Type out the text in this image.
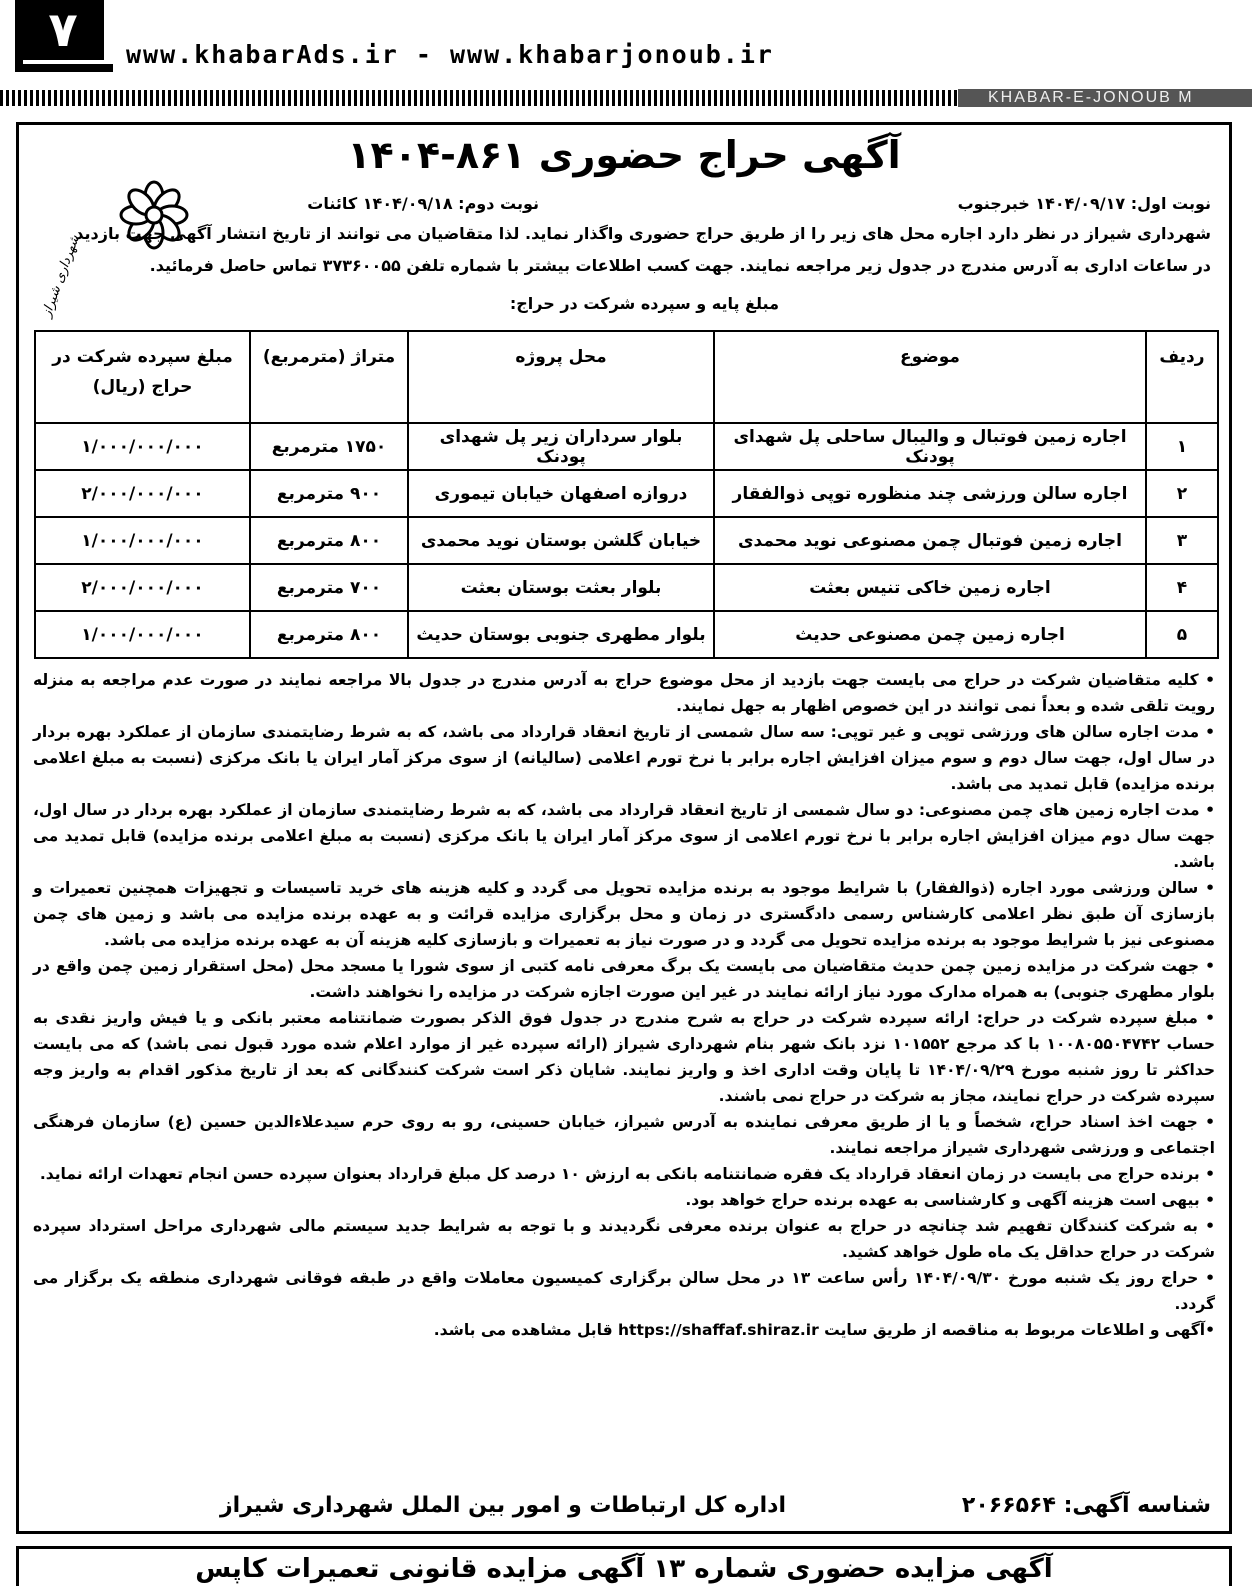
۷	www.khabarAds.ir - www.khabarjonoub.ir
KHABAR-E-JONOUB M
آگهی حراج حضوری ۸۶۱-۱۴۰۴
شهرداری شیراز
نوبت اول: ۱۴۰۴/۰۹/۱۷ خبرجنوب
نوبت دوم: ۱۴۰۴/۰۹/۱۸ کائنات
شهرداری شیراز در نظر دارد اجاره محل های زیر را از طریق حراج حضوری واگذار نماید. لذا متقاضیان می توانند از تاریخ انتشار آگهی جهت بازدید
در ساعات اداری به آدرس مندرج در جدول زیر مراجعه نمایند. جهت کسب اطلاعات بیشتر با شماره تلفن ۳۷۳۶۰۰۵۵ تماس حاصل فرمائید.
مبلغ پایه و سپرده شرکت در حراج:
ردیف	موضوع	محل پروژه	متراژ (مترمربع)	مبلغ سپرده شرکت در حراج (ریال)
۱	اجاره زمین فوتبال و والیبال ساحلی پل شهدای پودنک	بلوار سرداران زیر پل شهدای پودنک	۱۷۵۰ مترمربع	۱/۰۰۰/۰۰۰/۰۰۰
۲	اجاره سالن ورزشی چند منظوره توپی ذوالفقار	دروازه اصفهان خیابان تیموری	۹۰۰ مترمربع	۲/۰۰۰/۰۰۰/۰۰۰
۳	اجاره زمین فوتبال چمن مصنوعی نوید محمدی	خیابان گلشن بوستان نوید محمدی	۸۰۰ مترمربع	۱/۰۰۰/۰۰۰/۰۰۰
۴	اجاره زمین خاکی تنیس بعثت	بلوار بعثت بوستان بعثت	۷۰۰ مترمربع	۲/۰۰۰/۰۰۰/۰۰۰
۵	اجاره زمین چمن مصنوعی حدیث	بلوار مطهری جنوبی بوستان حدیث	۸۰۰ مترمربع	۱/۰۰۰/۰۰۰/۰۰۰
• کلیه متقاضیان شرکت در حراج می بایست جهت بازدید از محل موضوع حراج به آدرس مندرج در جدول بالا مراجعه نمایند در صورت عدم مراجعه به منزله رویت تلقی شده و بعداً نمی توانند در این خصوص اظهار به جهل نمایند.
• مدت اجاره سالن های ورزشی توپی و غیر توپی: سه سال شمسی از تاریخ انعقاد قرارداد می باشد، که به شرط رضایتمندی سازمان از عملکرد بهره بردار در سال اول، جهت سال دوم و سوم میزان افزایش اجاره برابر با نرخ تورم اعلامی (سالیانه) از سوی مرکز آمار ایران یا بانک مرکزی (نسبت به مبلغ اعلامی برنده مزایده) قابل تمدید می باشد.
• مدت اجاره زمین های چمن مصنوعی: دو سال شمسی از تاریخ انعقاد قرارداد می باشد، که به شرط رضایتمندی سازمان از عملکرد بهره بردار در سال اول، جهت سال دوم میزان افزایش اجاره برابر با نرخ تورم اعلامی از سوی مرکز آمار ایران یا بانک مرکزی (نسبت به مبلغ اعلامی برنده مزایده) قابل تمدید می باشد.
• سالن ورزشی مورد اجاره (ذوالفقار) با شرایط موجود به برنده مزایده تحویل می گردد و کلیه هزینه های خرید تاسیسات و تجهیزات همچنین تعمیرات و بازسازی آن طبق نظر اعلامی کارشناس رسمی دادگستری در زمان و محل برگزاری مزایده قرائت و به عهده برنده مزایده می باشد و زمین های چمن مصنوعی نیز با شرایط موجود به برنده مزایده تحویل می گردد و در صورت نیاز به تعمیرات و بازسازی کلیه هزینه آن به عهده برنده مزایده می باشد.
• جهت شرکت در مزایده زمین چمن حدیث متقاضیان می بایست یک برگ معرفی نامه کتبی از سوی شورا یا مسجد محل (محل استقرار زمین چمن واقع در بلوار مطهری جنوبی) به همراه مدارک مورد نیاز ارائه نمایند در غیر این صورت اجازه شرکت در مزایده را نخواهند داشت.
• مبلغ سپرده شرکت در حراج: ارائه سپرده شرکت در حراج به شرح مندرج در جدول فوق الذکر بصورت ضمانتنامه معتبر بانکی و یا فیش واریز نقدی به حساب ۱۰۰۸۰۵۵۰۴۷۴۲ با کد مرجع ۱۰۱۵۵۲ نزد بانک شهر بنام شهرداری شیراز (ارائه سپرده غیر از موارد اعلام شده مورد قبول نمی باشد) که می بایست حداکثر تا روز شنبه مورخ ۱۴۰۴/۰۹/۲۹ تا پایان وقت اداری اخذ و واریز نمایند. شایان ذکر است شرکت کنندگانی که بعد از تاریخ مذکور اقدام به واریز وجه سپرده شرکت در حراج نمایند، مجاز به شرکت در حراج نمی باشند.
• جهت اخذ اسناد حراج، شخصاً و یا از طریق معرفی نماینده به آدرس شیراز، خیابان حسینی، رو به روی حرم سیدعلاءالدین حسین (ع) سازمان فرهنگی اجتماعی و ورزشی شهرداری شیراز مراجعه نمایند.
• برنده حراج می بایست در زمان انعقاد قرارداد یک فقره ضمانتنامه بانکی به ارزش ۱۰ درصد کل مبلغ قرارداد بعنوان سپرده حسن انجام تعهدات ارائه نماید.
• بیهی است هزینه آگهی و کارشناسی به عهده برنده حراج خواهد بود.
• به شرکت کنندگان تفهیم شد چنانچه در حراج به عنوان برنده معرفی نگردیدند و با توجه به شرایط جدید سیستم مالی شهرداری مراحل استرداد سپرده شرکت در حراج حداقل یک ماه طول خواهد کشید.
• حراج روز یک شنبه مورخ ۱۴۰۴/۰۹/۳۰ رأس ساعت ۱۳ در محل سالن برگزاری کمیسیون معاملات واقع در طبقه فوقانی شهرداری منطقه یک برگزار می گردد.
•آگهی و اطلاعات مربوط به مناقصه از طریق سایت https://shaffaf.shiraz.ir قابل مشاهده می باشد.
شناسه آگهی: ۲۰۶۶۵۶۴
اداره کل ارتباطات و امور بین الملل شهرداری شیراز
آگهی مزایده حضوری شماره ۱۳ آگهی مزایده قانونی تعمیرات کاپس
